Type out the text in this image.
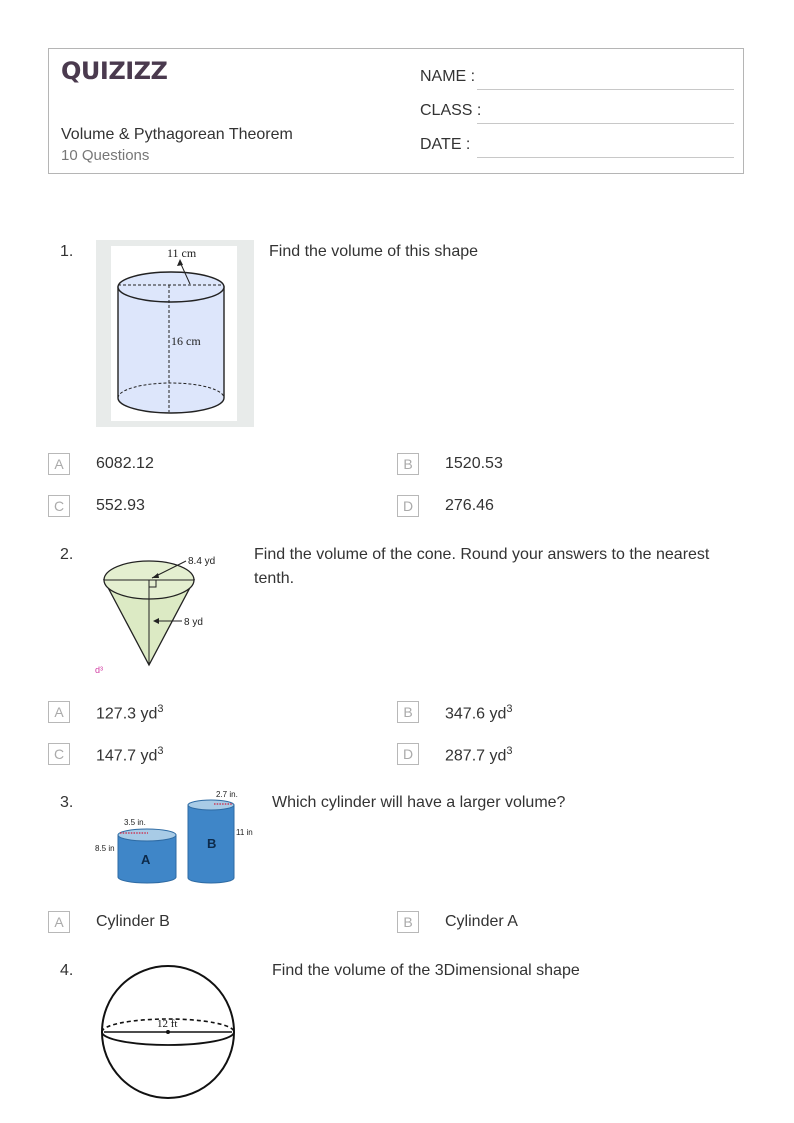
QUIZIZZ
Volume & Pythagorean Theorem
10 Questions
NAME :
CLASS :
DATE :
1.	11 cm
16 cm
Find the volume of this shape
A	6082.12	B	1520.53
C	552.93	D	276.46
2.	8.4 yd
8 yd
d³
Find the volume of the cone. Round your answers to the nearest tenth.
A	127.3 $yd^3$	B	347.6 $yd^3$
C	147.7 $yd^3$	D	287.7 $yd^3$
3.
A
3.5 in.
8.5 in	B
2.7 in.
11 in
Which cylinder will have a larger volume?
A	Cylinder B	B	Cylinder A
4.
12 ft
Find the volume of the 3Dimensional shape
